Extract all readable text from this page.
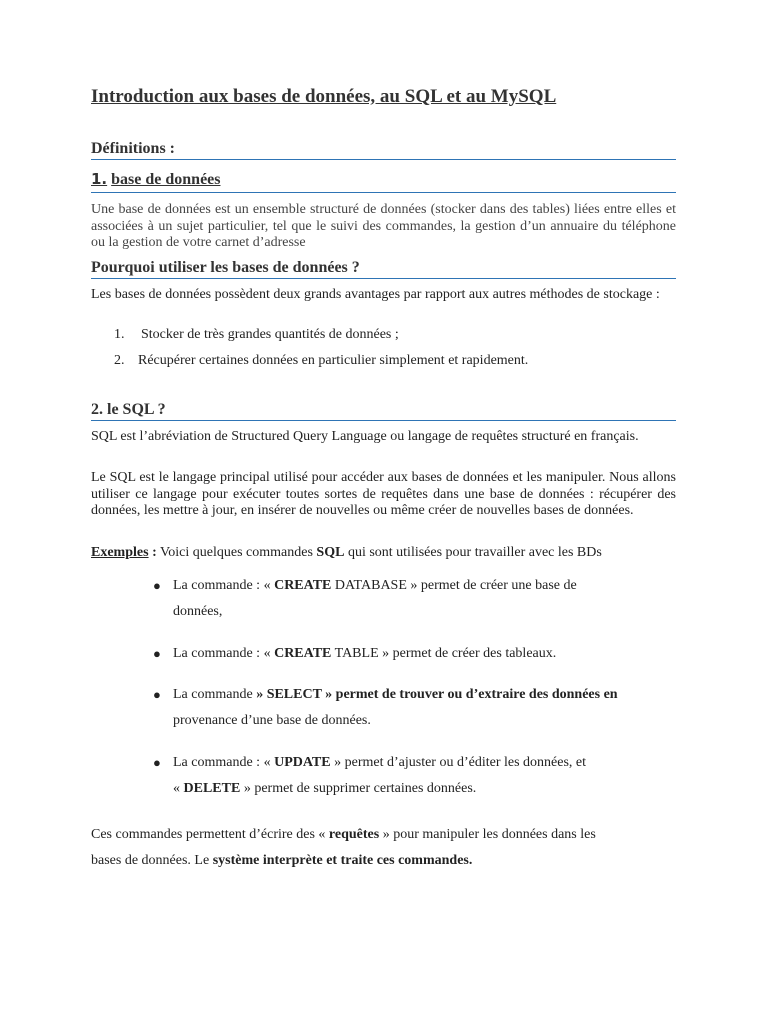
Introduction aux bases de données, au SQL et au MySQL
Définitions :
1. base de données

Une base de données est un ensemble structuré de données (stocker dans des tables) liées entre elles et associées à un sujet particulier, tel que le suivi des commandes, la gestion d’un annuaire du téléphone ou la gestion de votre carnet d’adresse

Pourquoi utiliser les bases de données ?

Les bases de données possèdent deux grands avantages par rapport aux autres méthodes de stockage :

1. Stocker de très grandes quantités de données ;
2. Récupérer certaines données en particulier simplement et rapidement.
2. le SQL ?

SQL est l’abréviation de Structured Query Language ou langage de requêtes structuré en français.

Le SQL est le langage principal utilisé pour accéder aux bases de données et les manipuler. Nous allons utiliser ce langage pour exécuter toutes sortes de requêtes dans une base de données : récupérer des données, les mettre à jour, en insérer de nouvelles ou même créer de nouvelles bases de données.

Exemples : Voici quelques commandes SQL qui sont utilisées pour travailler avec les BDs

● La commande : « CREATE DATABASE » permet de créer une base de
données,
● La commande : « CREATE TABLE » permet de créer des tableaux.
● La commande » SELECT » permet de trouver ou d’extraire des données en
provenance d’une base de données.
● La commande : « UPDATE » permet d’ajuster ou d’éditer les données, et
« DELETE » permet de supprimer certaines données.

Ces commandes permettent d’écrire des « requêtes » pour manipuler les données dans les
bases de données. Le système interprète et traite ces commandes.
